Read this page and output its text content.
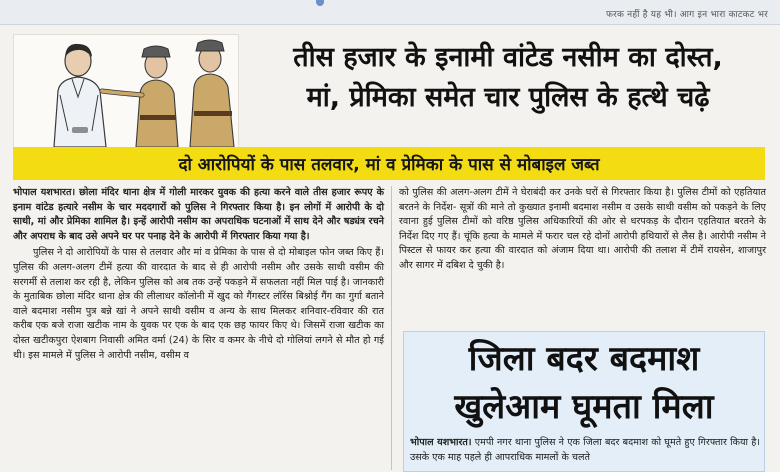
फरक नहीं है यह भी। आग इन भारा काटकट भर
तीस हजार के इनामी वांटेड नसीम का दोस्त,
मां, प्रेमिका समेत चार पुलिस के हत्थे चढ़े
दो आरोपियों के पास तलवार, मां व प्रेमिका के पास से मोबाइल जब्त

भोपाल यशभारत। छोला मंदिर थाना क्षेत्र में गोली मारकर युवक की हत्या करने वाले तीस हजार रूपए के इनाम वांटेड हत्यारे नसीम के चार मददगारों को पुलिस ने गिरफ्तार किया है। इन लोगों में आरोपी के दो साथी, मां और प्रेमिका शामिल है। इन्हें आरोपी नसीम का अपराधिक घटनाओं में साथ देने और षड्यंत्र रचने और अपराध के बाद उसे अपने घर पर पनाह देने के आरोपी में गिरफ्तार किया गया है।

पुलिस ने दो आरोपियों के पास से तलवार और मां व प्रेमिका के पास से दो मोबाइल फोन जब्त किए हैं। पुलिस की अलग-अलग टीमें हत्या की वारदात के बाद से ही आरोपी नसीम और उसके साथी वसीम की सरगर्मी से तलाश कर रही है, लेकिन पुलिस को अब तक उन्हें पकड़ने में सफलता नहीं मिल पाई है। जानकारी के मुताबिक छोला मंदिर थाना क्षेत्र की लीलाधर कॉलोनी में खुद को गैंगस्टर लॉरेंस बिश्नोई गैंग का गुर्गा बताने वाले बदमाश नसीम पुत्र बन्ने खां ने अपने साथी वसीम व अन्य के साथ मिलकर शनिवार-रविवार की रात करीब एक बजे राजा खटीक नाम के युवक पर एक के बाद एक छह फायर किए थे। जिसमें राजा खटीक का दोस्त खटीकपुरा ऐशबाग निवासी अमित वर्मा (24) के सिर व कमर के नीचे दो गोलियां लगने से मौत हो गई थी। इस मामले में पुलिस ने आरोपी नसीम, वसीम व

को पुलिस की अलग-अलग टीमें ने घेराबंदी कर उनके घरों से गिरफ्तार किया है। पुलिस टीमों को एहतियात बरतने के निर्देश- सूत्रों की माने तो कुख्यात इनामी बदमाश नसीम व उसके साथी वसीम को पकड़ने के लिए रवाना हुई पुलिस टीमों को वरिष्ठ पुलिस अधिकारियों की ओर से धरपकड़ के दौरान एहतियात बरतने के निर्देश दिए गए हैं। चूंकि हत्या के मामले में फरार चल रहे दोनों आरोपी हथियारों से लैस है। आरोपी नसीम ने पिस्टल से फायर कर हत्या की वारदात को अंजाम दिया था। आरोपी की तलाश में टीमें रायसेन, शाजापुर और सागर में दबिश दे चुकी है।

जिला बदर बदमाश
खुलेआम घूमता मिला
भोपाल यशभारत। एमपी नगर थाना पुलिस ने एक जिला बदर बदमाश को घूमते हुए गिरफ्तार किया है। उसके एक माह पहले ही आपराधिक मामलों के चलते
